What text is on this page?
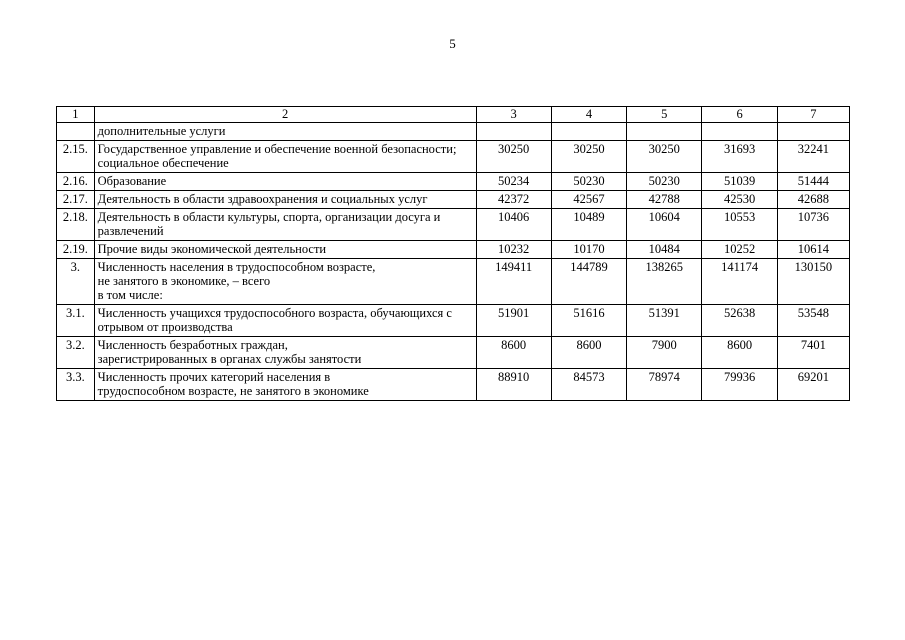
5
1	2	3	4	5	6	7
	дополнительные услуги					
2.15.	Государственное управление и обеспечение военной безопасности; социальное обеспечение	30250	30250	30250	31693	32241
2.16.	Образование	50234	50230	50230	51039	51444
2.17.	Деятельность в области здравоохранения и социальных услуг	42372	42567	42788	42530	42688
2.18.	Деятельность в области культуры, спорта, организации досуга и развлечений	10406	10489	10604	10553	10736
2.19.	Прочие виды экономической деятельности	10232	10170	10484	10252	10614
3.	Численность населения в трудоспособном возрасте,
не занятого в экономике, – всего
в том числе:	149411	144789	138265	141174	130150
3.1.	Численность учащихся трудоспособного возраста, обучающихся с отрывом от производства	51901	51616	51391	52638	53548
3.2.	Численность безработных граждан,
зарегистрированных в органах службы занятости	8600	8600	7900	8600	7401
3.3.	Численность прочих категорий населения в
трудоспособном возрасте, не занятого в экономике	88910	84573	78974	79936	69201
